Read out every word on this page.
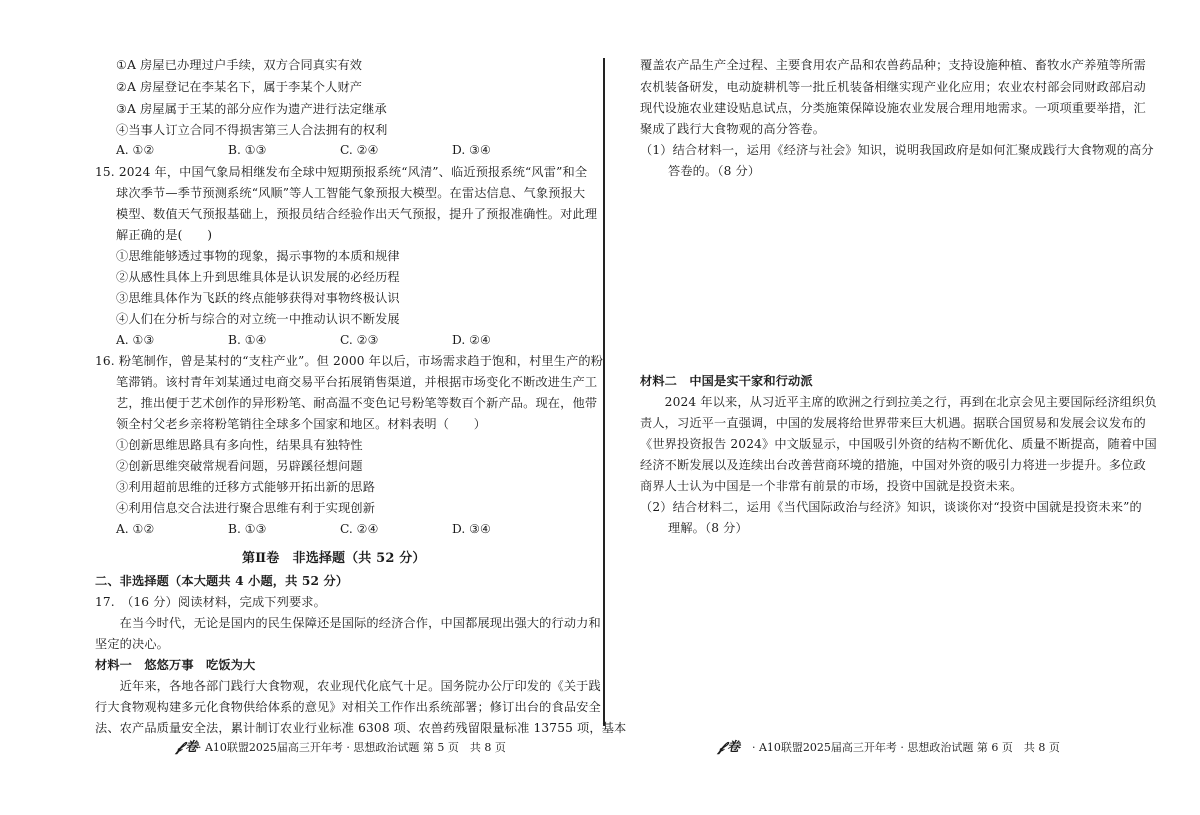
①A 房屋已办理过户手续，双方合同真实有效
②A 房屋登记在李某名下，属于李某个人财产
③A 房屋属于王某的部分应作为遗产进行法定继承
④当事人订立合同不得损害第三人合法拥有的权利
A. ①②	B. ①③	C. ②④	D. ③④
15. 2024 年，中国气象局相继发布全球中短期预报系统“风清”、临近预报系统“风雷”和全
球次季节—季节预测系统“风顺”等人工智能气象预报大模型。在雷达信息、气象预报大
模型、数值天气预报基础上，预报员结合经验作出天气预报，提升了预报准确性。对此理
解正确的是(　　)
①思维能够透过事物的现象，揭示事物的本质和规律
②从感性具体上升到思维具体是认识发展的必经历程
③思维具体作为飞跃的终点能够获得对事物终极认识
④人们在分析与综合的对立统一中推动认识不断发展
A. ①③	B. ①④	C. ②③	D. ②④
16. 粉笔制作，曾是某村的“支柱产业”。但 2000 年以后，市场需求趋于饱和，村里生产的粉
笔滞销。该村青年刘某通过电商交易平台拓展销售渠道，并根据市场变化不断改进生产工
艺，推出便于艺术创作的异形粉笔、耐高温不变色记号粉笔等数百个新产品。现在，他带
领全村父老乡亲将粉笔销往全球多个国家和地区。材料表明（　　）
①创新思维思路具有多向性，结果具有独特性
②创新思维突破常规看问题，另辟蹊径想问题
③利用超前思维的迁移方式能够开拓出新的思路
④利用信息交合法进行聚合思维有利于实现创新
A. ①②	B. ①③	C. ②④	D. ③④
第Ⅱ卷　非选择题（共 52 分）
二、非选择题（本大题共 4 小题，共 52 分）
17.　（16 分）阅读材料，完成下列要求。
　　在当今时代，无论是国内的民生保障还是国际的经济合作，中国都展现出强大的行动力和
坚定的决心。
材料一　悠悠万事　吃饭为大
　　近年来，各地各部门践行大食物观，农业现代化底气十足。国务院办公厅印发的《关于践
行大食物观构建多元化食物供给体系的意见》对相关工作作出系统部署；修订出台的食品安全
法、农产品质量安全法，累计制订农业行业标准 6308 项、农兽药残留限量标准 13755 项，基本
𝓯 卷 · A10联盟2025届高三开年考 · 思想政治试题 第 5 页　共 8 页
覆盖农产品生产全过程、主要食用农产品和农兽药品种；支持设施种植、畜牧水产养殖等所需
农机装备研发，电动旋耕机等一批丘机装备相继实现产业化应用；农业农村部会同财政部启动
现代设施农业建设贴息试点，分类施策保障设施农业发展合理用地需求。一项项重要举措，汇
聚成了践行大食物观的高分答卷。
（1）结合材料一，运用《经济与社会》知识，说明我国政府是如何汇聚成践行大食物观的高分
答卷的。（8 分）
材料二　中国是实干家和行动派
　　2024 年以来，从习近平主席的欧洲之行到拉美之行，再到在北京会见主要国际经济组织负
责人，习近平一直强调，中国的发展将给世界带来巨大机遇。据联合国贸易和发展会议发布的
《世界投资报告 2024》中文版显示，中国吸引外资的结构不断优化、质量不断提高，随着中国
经济不断发展以及连续出台改善营商环境的措施，中国对外资的吸引力将进一步提升。多位政
商界人士认为中国是一个非常有前景的市场，投资中国就是投资未来。
（2）结合材料二，运用《当代国际政治与经济》知识，谈谈你对“投资中国就是投资未来”的
理解。（8 分）
𝓯 卷 · A10联盟2025届高三开年考 · 思想政治试题 第 6 页　共 8 页
